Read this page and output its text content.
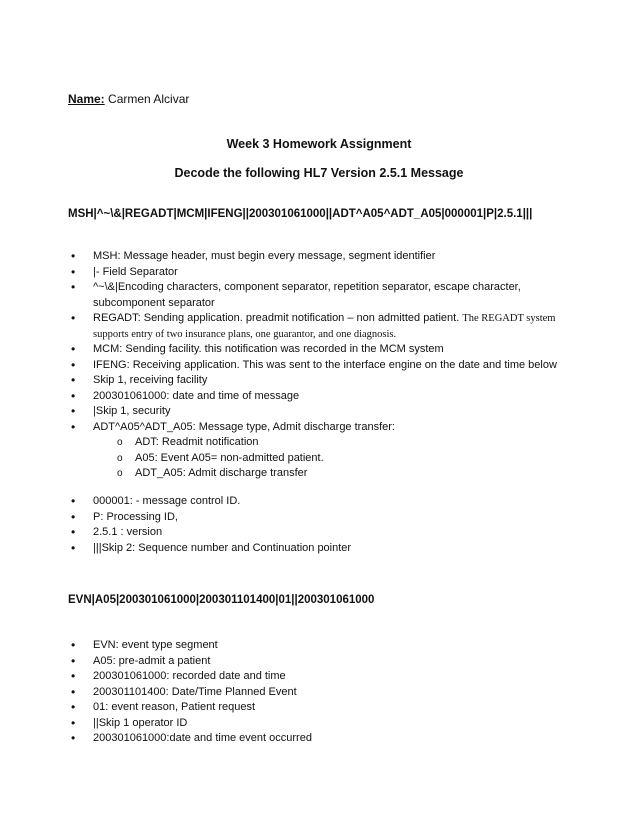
Name: Carmen Alcivar
Week 3 Homework Assignment
Decode the following HL7 Version 2.5.1 Message
MSH|^~\&|REGADT|MCM|IFENG||200301061000||ADT^A05^ADT_A05|000001|P|2.5.1|||
• MSH: Message header, must begin every message, segment identifier
• |- Field Separator
• ^~\&|Encoding characters, component separator, repetition separator, escape character,
subcomponent separator
• REGADT: Sending application. preadmit notification – non admitted patient. The REGADT system
supports entry of two insurance plans, one guarantor, and one diagnosis.
• MCM: Sending facility. this notification was recorded in the MCM system
• IFENG: Receiving application. This was sent to the interface engine on the date and time below
• Skip 1, receiving facility
• 200301061000: date and time of message
• |Skip 1, security
• ADT^A05^ADT_A05: Message type, Admit discharge transfer:
o ADT: Readmit notification
o A05: Event A05= non-admitted patient.
o ADT_A05: Admit discharge transfer
• 000001: - message control ID.
• P: Processing ID,
• 2.5.1 : version
• |||Skip 2: Sequence number and Continuation pointer
EVN|A05|200301061000|200301101400|01||200301061000
• EVN: event type segment
• A05: pre-admit a patient
• 200301061000: recorded date and time
• 200301101400: Date/Time Planned Event
• 01: event reason, Patient request
• ||Skip 1 operator ID
• 200301061000:date and time event occurred
